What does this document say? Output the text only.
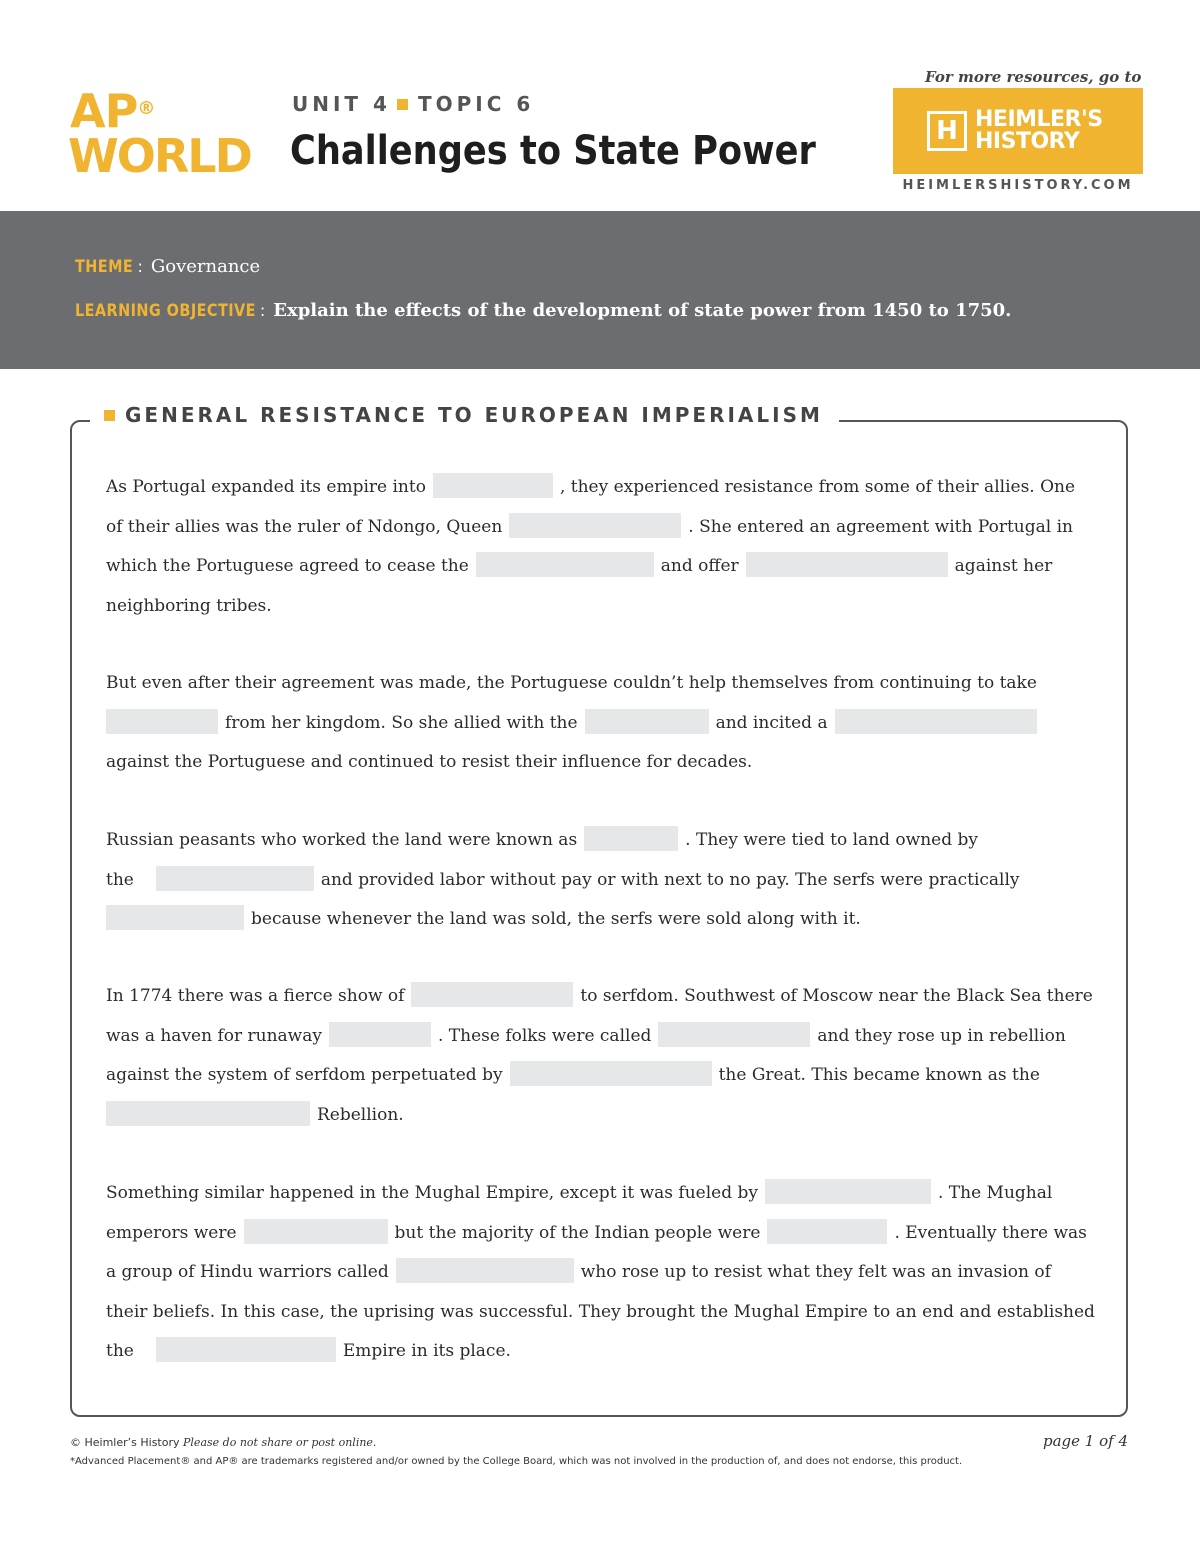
AP®
WORLD
UNIT 4 TOPIC 6
Challenges to State Power
For more resources, go to
H HEIMLER'S
HISTORY
HEIMLERSHISTORY.COM
THEME : Governance
LEARNING OBJECTIVE : Explain the effects of the development of state power from 1450 to 1750.
GENERAL RESISTANCE TO EUROPEAN IMPERIALISM
As Portugal expanded its empire into	, they experienced resistance from some of their allies. One of their allies was the ruler of Ndongo, Queen	. She entered an agreement with Portugal in which the Portuguese agreed to cease the	and offer	against her neighboring tribes.
But even after their agreement was made, the Portuguese couldn’t help themselves from continuing to take
from her kingdom. So she allied with the	and incited a
against the Portuguese and continued to resist their influence for decades.
Russian peasants who worked the land were known as	. They were tied to land owned by
the	and provided labor without pay or with next to no pay. The serfs were practically
because whenever the land was sold, the serfs were sold along with it.
In 1774 there was a fierce show of	to serfdom. Southwest of Moscow near the Black Sea there was a haven for runaway	. These folks were called	and they rose up in rebellion against the system of serfdom perpetuated by	the Great. This became known as the
Rebellion.
Something similar happened in the Mughal Empire, except it was fueled by	. The Mughal emperors were	but the majority of the Indian people were	. Eventually there was a group of Hindu warriors called	who rose up to resist what they felt was an invasion of their beliefs. In this case, the uprising was successful. They brought the Mughal Empire to an end and established
the	Empire in its place.
© Heimler’s History Please do not share or post online.
*Advanced Placement® and AP® are trademarks registered and/or owned by the College Board, which was not involved in the production of, and does not endorse, this product.
page 1 of 4
